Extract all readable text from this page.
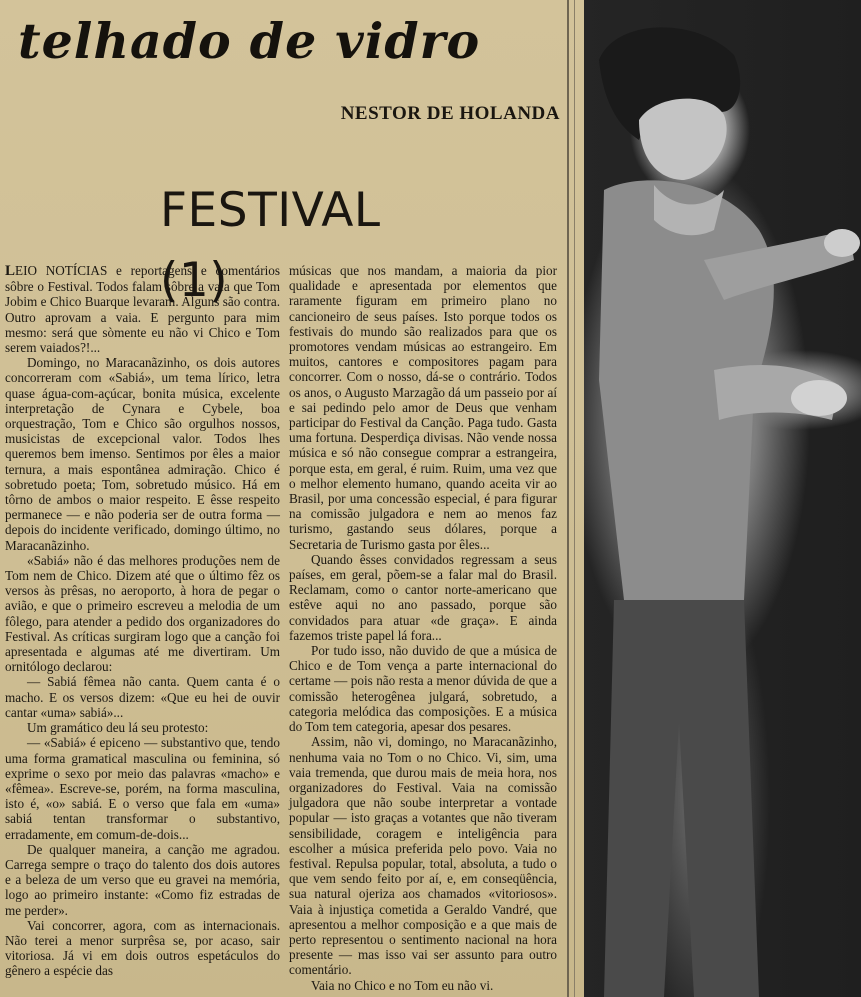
telhado de vidro
NESTOR DE HOLANDA
FESTIVAL (1)

LEIO NOTÍCIAS e reportagens e comentários sôbre o Festival. Todos falam sôbre a vaia que Tom Jobim e Chico Buarque levaram. Alguns são contra. Outro aprovam a vaia. E pergunto para mim mesmo: será que sòmente eu não vi Chico e Tom serem vaiados?!...

Domingo, no Maracanãzinho, os dois autores concorreram com «Sabiá», um tema lírico, letra quase água-com-açúcar, bonita música, excelente interpretação de Cynara e Cybele, boa orquestração, Tom e Chico são orgulhos nossos, musicistas de excepcional valor. Todos lhes queremos bem imenso. Sentimos por êles a maior ternura, a mais espontânea admiração. Chico é sobretudo poeta; Tom, sobretudo músico. Há em tôrno de ambos o maior respeito. E êsse respeito permanece — e não poderia ser de outra forma — depois do incidente verificado, domingo último, no Maracanãzinho.

«Sabiá» não é das melhores produções nem de Tom nem de Chico. Dizem até que o último fêz os versos às prêsas, no aeroporto, à hora de pegar o avião, e que o primeiro escreveu a melodia de um fôlego, para atender a pedido dos organizadores do Festival. As críticas surgiram logo que a canção foi apresentada e algumas até me divertiram. Um ornitólogo declarou:

— Sabiá fêmea não canta. Quem canta é o macho. E os versos dizem: «Que eu hei de ouvir cantar «uma» sabiá»...

Um gramático deu lá seu protesto:

— «Sabiá» é epiceno — substantivo que, tendo uma forma gramatical masculina ou feminina, só exprime o sexo por meio das palavras «macho» e «fêmea». Escreve-se, porém, na forma masculina, isto é, «o» sabiá. E o verso que fala em «uma» sabiá tentan transformar o substantivo, erradamente, em comum-de-dois...

De qualquer maneira, a canção me agradou. Carrega sempre o traço do talento dos dois autores e a beleza de um verso que eu gravei na memória, logo ao primeiro instante: «Como fiz estradas de me perder».

Vai concorrer, agora, com as internacionais. Não terei a menor surprêsa se, por acaso, sair vitoriosa. Já vi em dois outros espetáculos do gênero a espécie das

músicas que nos mandam, a maioria da pior qualidade e apresentada por elementos que raramente figuram em primeiro plano no cancioneiro de seus países. Isto porque todos os festivais do mundo são realizados para que os promotores vendam músicas ao estrangeiro. Em muitos, cantores e compositores pagam para concorrer. Com o nosso, dá-se o contrário. Todos os anos, o Augusto Marzagão dá um passeio por aí e sai pedindo pelo amor de Deus que venham participar do Festival da Canção. Paga tudo. Gasta uma fortuna. Desperdiça divisas. Não vende nossa música e só não consegue comprar a estrangeira, porque esta, em geral, é ruim. Ruim, uma vez que o melhor elemento humano, quando aceita vir ao Brasil, por uma concessão especial, é para figurar na comissão julgadora e nem ao menos faz turismo, gastando seus dólares, porque a Secretaria de Turismo gasta por êles...

Quando êsses convidados regressam a seus países, em geral, põem-se a falar mal do Brasil. Reclamam, como o cantor norte-americano que estêve aqui no ano passado, porque são convidados para atuar «de graça». E ainda fazemos triste papel lá fora...

Por tudo isso, não duvido de que a música de Chico e de Tom vença a parte internacional do certame — pois não resta a menor dúvida de que a comissão heterogênea julgará, sobretudo, a categoria melódica das composições. E a música do Tom tem categoria, apesar dos pesares.

Assim, não vi, domingo, no Maracanãzinho, nenhuma vaia no Tom o no Chico. Vi, sim, uma vaia tremenda, que durou mais de meia hora, nos organizadores do Festival. Vaia na comissão julgadora que não soube interpretar a vontade popular — isto graças a votantes que não tiveram sensibilidade, coragem e inteligência para escolher a música preferida pelo povo. Vaia no festival. Repulsa popular, total, absoluta, a tudo o que vem sendo feito por aí, e, em conseqüência, sua natural ojeriza aos chamados «vitoriosos». Vaia à injustiça cometida a Geraldo Vandré, que apresentou a melhor composição e a que mais de perto representou o sentimento nacional na hora presente — mas isso vai ser assunto para outro comentário.

Vaia no Chico e no Tom eu não vi.
